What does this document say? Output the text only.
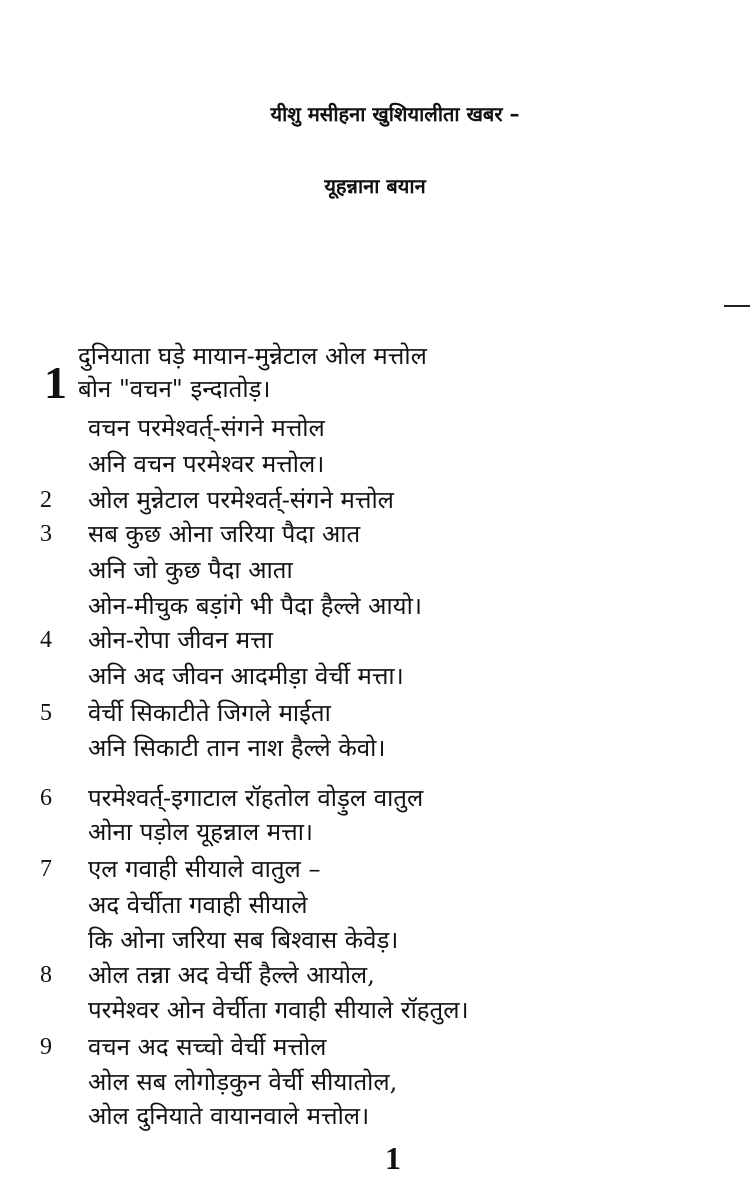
यीशु मसीहना खुशियालीता खबर –
यूहन्नाना बयान
1
दुनियाता घड़े मायान-मुन्नेटाल ओल मत्तोल
बोन "वचन" इन्दातोड़।
वचन परमेश्वर्त्-संगने मत्तोल
अनि वचन परमेश्वर मत्तोल।
2	ओल मुन्नेटाल परमेश्वर्त्-संगने मत्तोल
3	सब कुछ ओना जरिया पैदा आत
अनि जो कुछ पैदा आता
ओन-मीचुक बड़ांगे भी पैदा हैल्ले आयो।
4	ओन-रोपा जीवन मत्ता
अनि अद जीवन आदमीड़ा वेर्ची मत्ता।
5	वेर्ची सिकाटीते जिगले माईता
अनि सिकाटी तान नाश हैल्ले केवो।
6	परमेश्वर्त्-इगाटाल रॉहतोल वोड़ुल वातुल
ओना पड़ोल यूहन्नाल मत्ता।
7	एल गवाही सीयाले वातुल –
अद वेर्चीता गवाही सीयाले
कि ओना जरिया सब बिश्वास केवेड़।
8	ओल तन्ना अद वेर्ची हैल्ले आयोल,
परमेश्वर ओन वेर्चीता गवाही सीयाले रॉहतुल।
9	वचन अद सच्चो वेर्ची मत्तोल
ओल सब लोगोड़कुन वेर्ची सीयातोल,
ओल दुनियाते वायानवाले मत्तोल।
1
